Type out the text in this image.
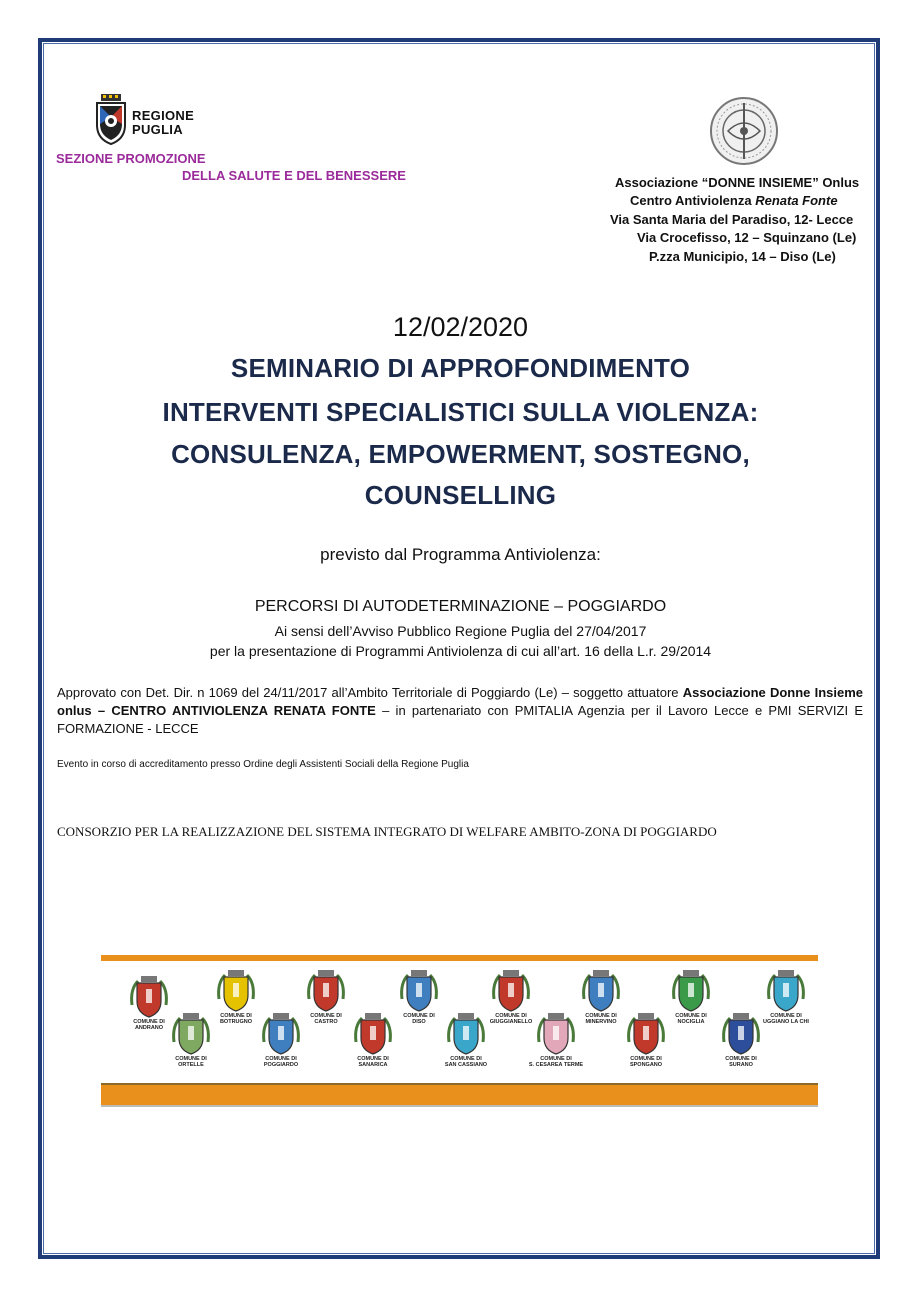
REGIONE
PUGLIA
SEZIONE PROMOZIONE
DELLA SALUTE E DEL BENESSERE	Associazione “DONNE INSIEME” Onlus
Centro Antiviolenza Renata Fonte
Via Santa Maria del Paradiso, 12- Lecce
Via Crocefisso, 12 – Squinzano (Le)
P.zza Municipio, 14 – Diso (Le)
12/02/2020
SEMINARIO DI APPROFONDIMENTO
INTERVENTI SPECIALISTICI SULLA VIOLENZA:
CONSULENZA, EMPOWERMENT, SOSTEGNO,
COUNSELLING
previsto dal Programma Antiviolenza:
PERCORSI DI AUTODETERMINAZIONE – POGGIARDO
Ai sensi dell’Avviso Pubblico Regione Puglia del 27/04/2017
per la presentazione di Programmi Antiviolenza di cui all’art. 16 della L.r. 29/2014
Approvato con Det. Dir. n 1069 del 24/11/2017 all’Ambito Territoriale di Poggiardo (Le) – soggetto attuatore Associazione Donne Insieme onlus – CENTRO ANTIVIOLENZA RENATA FONTE – in partenariato con PMITALIA Agenzia per il Lavoro Lecce e PMI SERVIZI E FORMAZIONE - LECCE
Evento in corso di accreditamento presso Ordine degli Assistenti Sociali della Regione Puglia
CONSORZIO PER LA REALIZZAZIONE DEL SISTEMA INTEGRATO DI WELFARE AMBITO-ZONA DI POGGIARDO
COMUNE DI
ANDRANO
COMUNE DI
ORTELLE
COMUNE DI
BOTRUGNO
COMUNE DI
POGGIARDO
COMUNE DI
CASTRO
COMUNE DI
SANARICA
COMUNE DI
DISO
COMUNE DI
SAN CASSIANO
COMUNE DI
GIUGGIANELLO
COMUNE DI
S. CESAREA TERME
COMUNE DI
MINERVINO
COMUNE DI
SPONGANO
COMUNE DI
NOCIGLIA
COMUNE DI
SURANO
COMUNE DI
UGGIANO LA CHI
